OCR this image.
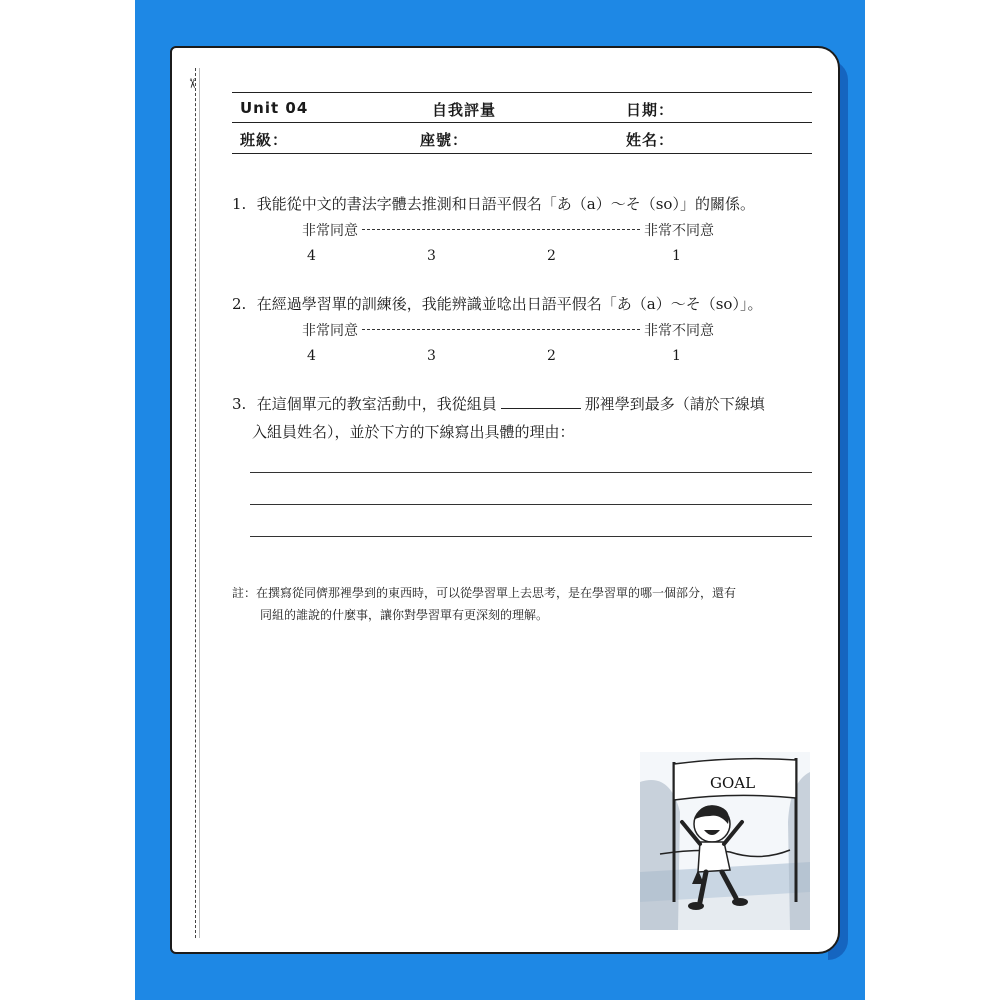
✂
Unit 04	自我評量	日期：
班級：	座號：	姓名：
1. 我能從中文的書法字體去推測和日語平假名「あ（a）～そ（so）」的關係。
非常同意	非常不同意
4	3	2	1
2. 在經過學習單的訓練後，我能辨識並唸出日語平假名「あ（a）～そ（so）」。
非常同意	非常不同意
4	3	2	1
3. 在這個單元的教室活動中，我從組員	那裡學到最多（請於下線填
入組員姓名），並於下方的下線寫出具體的理由：
註：在撰寫從同儕那裡學到的東西時，可以從學習單上去思考，是在學習單的哪一個部分，還有
同組的誰說的什麼事，讓你對學習單有更深刻的理解。
GOAL
